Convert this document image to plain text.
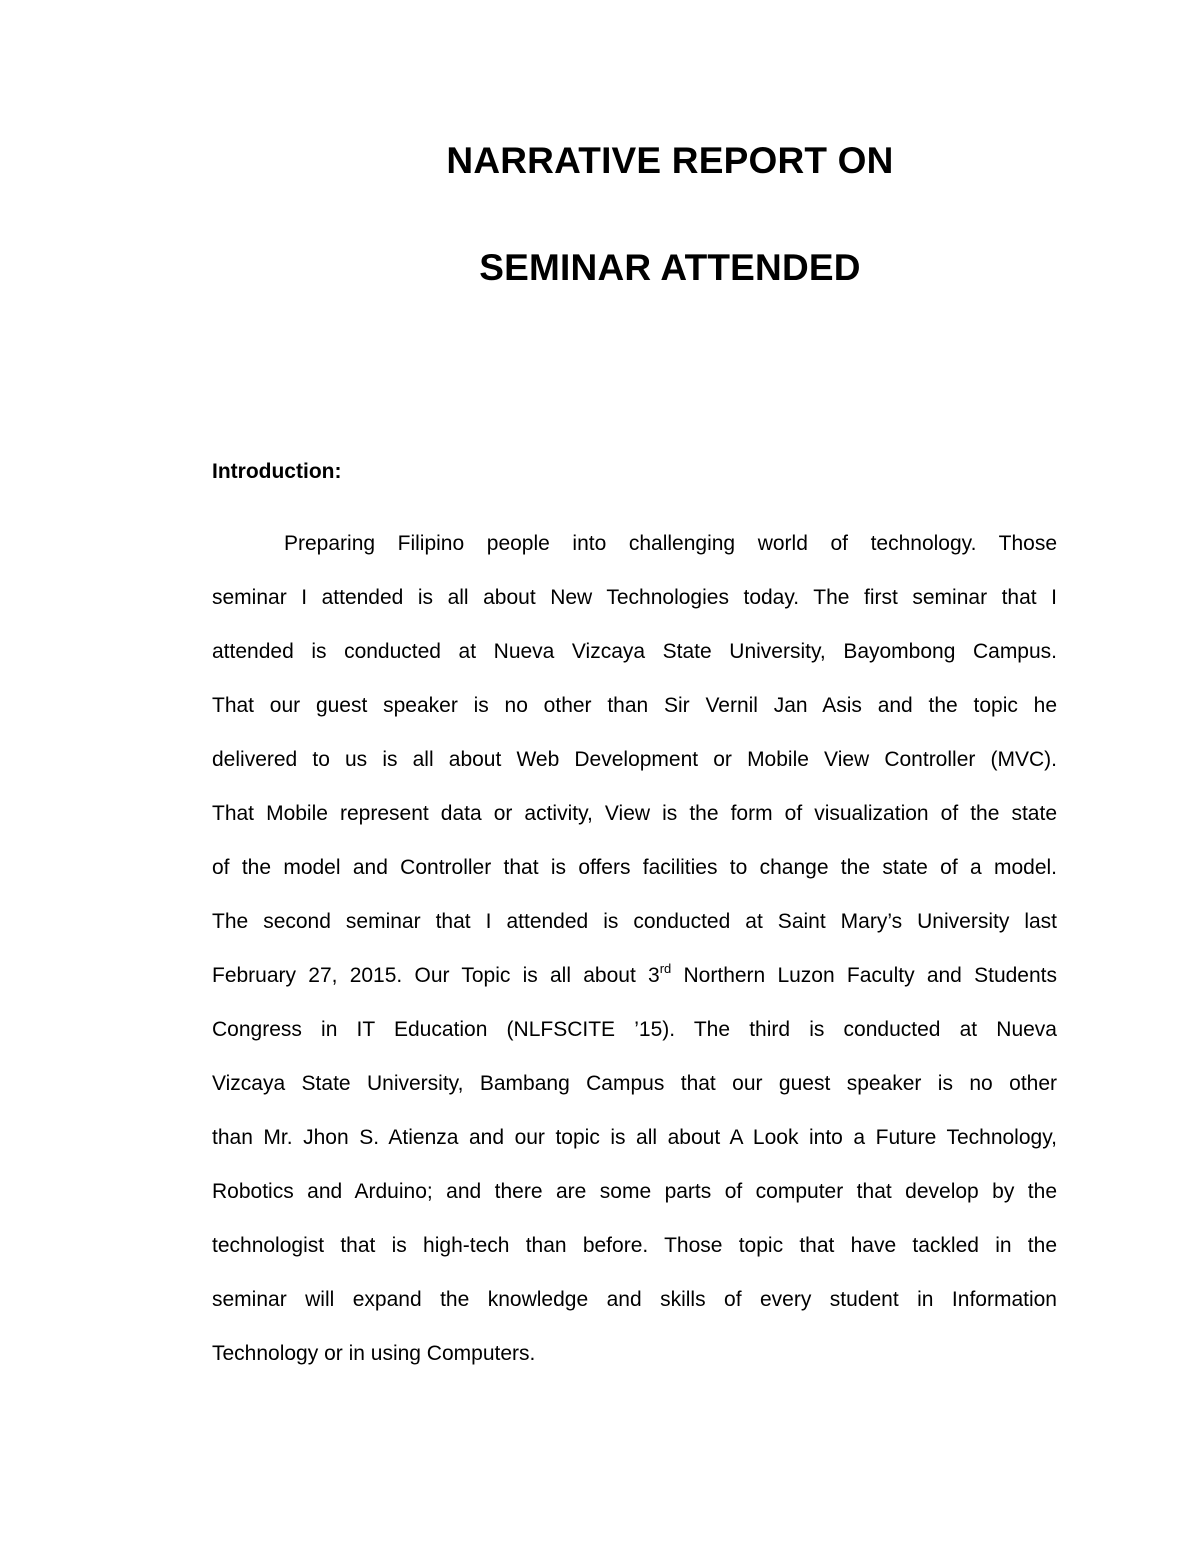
NARRATIVE REPORT ON
SEMINAR ATTENDED
Introduction:

Preparing Filipino people into challenging world of technology. Those

seminar I attended is all about New Technologies today. The first seminar that I

attended is conducted at Nueva Vizcaya State University, Bayombong Campus.

That our guest speaker is no other than Sir Vernil Jan Asis and the topic he

delivered to us is all about Web Development or Mobile View Controller (MVC).

That Mobile represent data or activity, View is the form of visualization of the state

of the model and Controller that is offers facilities to change the state of a model.

The second seminar that I attended is conducted at Saint Mary’s University last

February 27, 2015. Our Topic is all about 3rd Northern Luzon Faculty and Students

Congress in IT Education (NLFSCITE ’15). The third is conducted at Nueva

Vizcaya State University, Bambang Campus that our guest speaker is no other

than Mr. Jhon S. Atienza and our topic is all about A Look into a Future Technology,

Robotics and Arduino; and there are some parts of computer that develop by the

technologist that is high-tech than before. Those topic that have tackled in the

seminar will expand the knowledge and skills of every student in Information

Technology or in using Computers.
